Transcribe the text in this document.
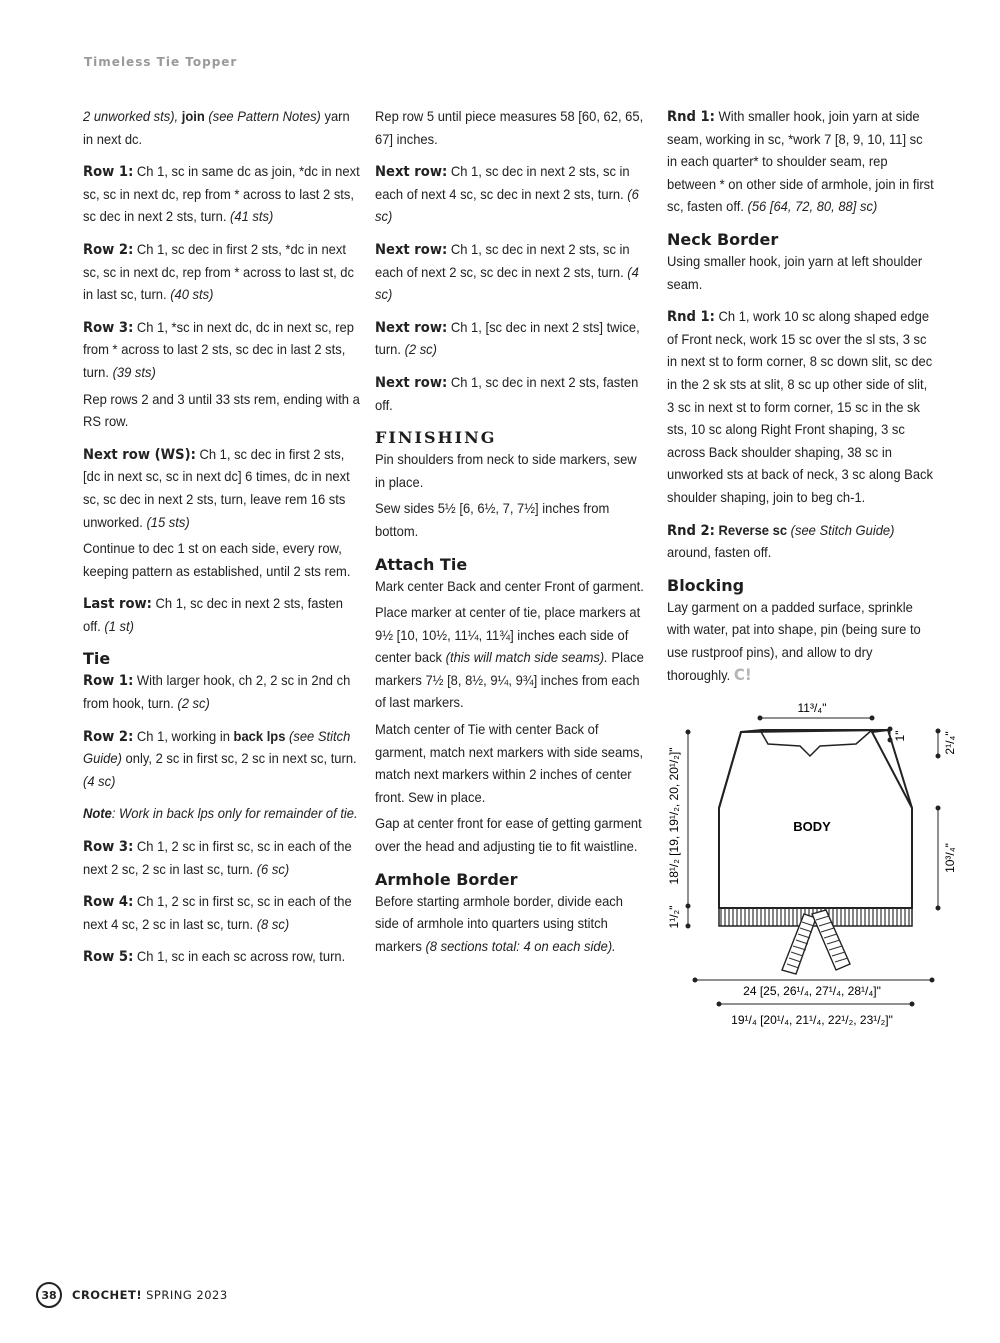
Timeless Tie Topper

2 unworked sts), join (see Pattern Notes) yarn in next dc.

Row 1: Ch 1, sc in same dc as join, *dc in next sc, sc in next dc, rep from * across to last 2 sts, sc dec in next 2 sts, turn. (41 sts)

Row 2: Ch 1, sc dec in first 2 sts, *dc in next sc, sc in next dc, rep from * across to last st, dc in last sc, turn. (40 sts)

Row 3: Ch 1, *sc in next dc, dc in next sc, rep from * across to last 2 sts, sc dec in last 2 sts, turn. (39 sts)

Rep rows 2 and 3 until 33 sts rem, ending with a RS row.

Next row (WS): Ch 1, sc dec in first 2 sts, [dc in next sc, sc in next dc] 6 times, dc in next sc, sc dec in next 2 sts, turn, leave rem 16 sts unworked. (15 sts)

Continue to dec 1 st on each side, every row, keeping pattern as established, until 2 sts rem.

Last row: Ch 1, sc dec in next 2 sts, fasten off. (1 st)

Tie

Row 1: With larger hook, ch 2, 2 sc in 2nd ch from hook, turn. (2 sc)

Row 2: Ch 1, working in back lps (see Stitch Guide) only, 2 sc in first sc, 2 sc in next sc, turn. (4 sc)

Note: Work in back lps only for remainder of tie.

Row 3: Ch 1, 2 sc in first sc, sc in each of the next 2 sc, 2 sc in last sc, turn. (6 sc)

Row 4: Ch 1, 2 sc in first sc, sc in each of the next 4 sc, 2 sc in last sc, turn. (8 sc)

Row 5: Ch 1, sc in each sc across row, turn.

Rep row 5 until piece measures 58 [60, 62, 65, 67] inches.

Next row: Ch 1, sc dec in next 2 sts, sc in each of next 4 sc, sc dec in next 2 sts, turn. (6 sc)

Next row: Ch 1, sc dec in next 2 sts, sc in each of next 2 sc, sc dec in next 2 sts, turn. (4 sc)

Next row: Ch 1, [sc dec in next 2 sts] twice, turn. (2 sc)

Next row: Ch 1, sc dec in next 2 sts, fasten off.

FINISHING

Pin shoulders from neck to side markers, sew in place.

Sew sides 5½ [6, 6½, 7, 7½] inches from bottom.

Attach Tie

Mark center Back and center Front of garment.

Place marker at center of tie, place markers at 9½ [10, 10½, 11¼, 11¾] inches each side of center back (this will match side seams). Place markers 7½ [8, 8½, 9¼, 9¾] inches from each of last markers.

Match center of Tie with center Back of garment, match next markers with side seams, match next markers within 2 inches of center front. Sew in place.

Gap at center front for ease of getting garment over the head and adjusting tie to fit waistline.

Armhole Border

Before starting armhole border, divide each side of armhole into quarters using stitch markers (8 sections total: 4 on each side).

Rnd 1: With smaller hook, join yarn at side seam, working in sc, *work 7 [8, 9, 10, 11] sc in each quarter* to shoulder seam, rep between * on other side of armhole, join in first sc, fasten off. (56 [64, 72, 80, 88] sc)

Neck Border

Using smaller hook, join yarn at left shoulder seam.

Rnd 1: Ch 1, work 10 sc along shaped edge of Front neck, work 15 sc over the sl sts, 3 sc in next st to form corner, 8 sc down slit, sc dec in the 2 sk sts at slit, 8 sc up other side of slit, 3 sc in next st to form corner, 15 sc in the sk sts, 10 sc along Right Front shaping, 3 sc across Back shoulder shaping, 38 sc in unworked sts at back of neck, 3 sc along Back shoulder shaping, join to beg ch-1.

Rnd 2: Reverse sc (see Stitch Guide) around, fasten off.

Blocking

Lay garment on a padded surface, sprinkle with water, pat into shape, pin (being sure to use rustproof pins), and allow to dry thoroughly. C!

11³/₄"
1"	2¹/₄"
10³/₄"
18¹/₂ [19, 19¹/₂, 20, 20¹/₂]"
1¹/₂"
BODY
24 [25, 26¹/₄, 27¹/₄, 28¹/₄]"
19¹/₄ [20¹/₄, 21¹/₄, 22¹/₂, 23¹/₂]"
38	CROCHET! SPRING 2023
